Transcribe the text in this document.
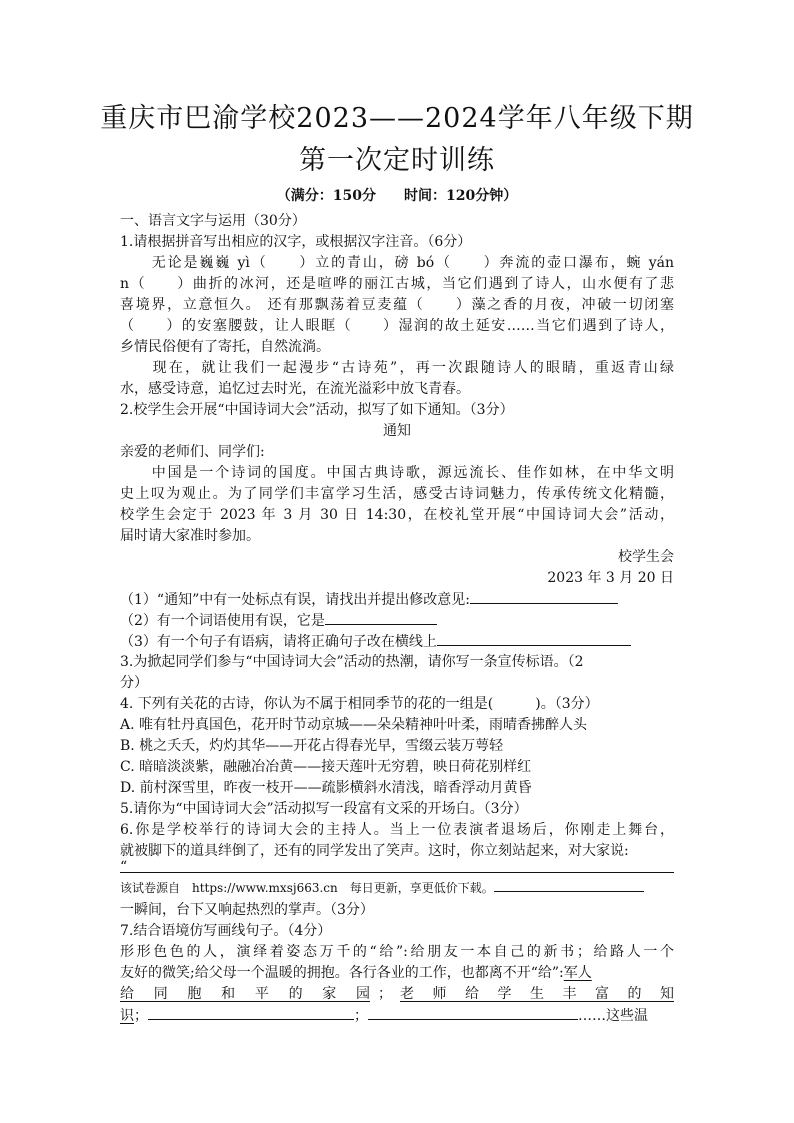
重庆市巴渝学校2023——2024学年八年级下期
第一次定时训练
（满分：150分　　时间：120分钟）
一、语言文字与运用（30分）
1.请根据拼音写出相应的汉字，或根据汉字注音。（6分）
　　无论是巍巍 yì（　　）立的青山，磅 bó（　　）奔流的壶口瀑布，蜿 yán
n（　　）曲折的冰河，还是喧哗的丽江古城，当它们遇到了诗人，山水便有了悲
喜境界，立意恒久。 还有那飘荡着豆麦蕴（　　）藻之香的月夜，冲破一切闭塞
（　　）的安塞腰鼓，让人眼眶（　　）湿润的故土延安……当它们遇到了诗人，
乡情民俗便有了寄托，自然流淌。
　　现在，就让我们一起漫步“古诗苑”，再一次跟随诗人的眼睛，重返青山绿
水，感受诗意，追忆过去时光，在流光溢彩中放飞青春。
2.校学生会开展“中国诗词大会”活动，拟写了如下通知。（3分）
通知
亲爱的老师们、同学们:
　　中国是一个诗词的国度。中国古典诗歌，源远流长、佳作如林，在中华文明
史上叹为观止。为了同学们丰富学习生活，感受古诗词魅力，传承传统文化精髓，
校学生会定于 2023 年 3 月 30 日 14:30，在校礼堂开展“中国诗词大会”活动，
届时请大家准时参加。
校学生会
2023 年 3 月 20 日
（1）“通知”中有一处标点有误，请找出并提出修改意见:
（2）有一个词语使用有误，它是
（3）有一个句子有语病，请将正确句子改在横线上
3.为掀起同学们参与“中国诗词大会”活动的热潮，请你写一条宣传标语。（2
分）
4. 下列有关花的古诗，你认为不属于相同季节的花的一组是(　　　)。（3分）
A. 唯有牡丹真国色，花开时节动京城——朵朵精神叶叶柔，雨晴香拂醉人头
B. 桃之夭夭，灼灼其华——开花占得春光早，雪缀云装万萼轻
C. 暗暗淡淡紫，融融冶冶黄——接天莲叶无穷碧，映日荷花别样红
D. 前村深雪里，昨夜一枝开——疏影横斜水清浅，暗香浮动月黄昏
5.请你为“中国诗词大会”活动拟写一段富有文采的开场白。（3分）
6.你是学校举行的诗词大会的主持人。当上一位表演者退场后，你刚走上舞台，
就被脚下的道具绊倒了，还有的同学发出了笑声。这时，你立刻站起来，对大家说:
“
该试卷源自　https://www.mxsj663.cn　每日更新，享更低价下载。
一瞬间，台下又响起热烈的掌声。（3分）
7.结合语境仿写画线句子。（4分）
形形色色的人，演绎着姿态万千的“给”:给朋友一本自己的新书；给路人一个
友好的微笑;给父母一个温暖的拥抱。各行各业的工作，也都离不开“给”:军人
给同胞和平的家园 ； 老师给学生丰富的知
识；	；	……这些温
